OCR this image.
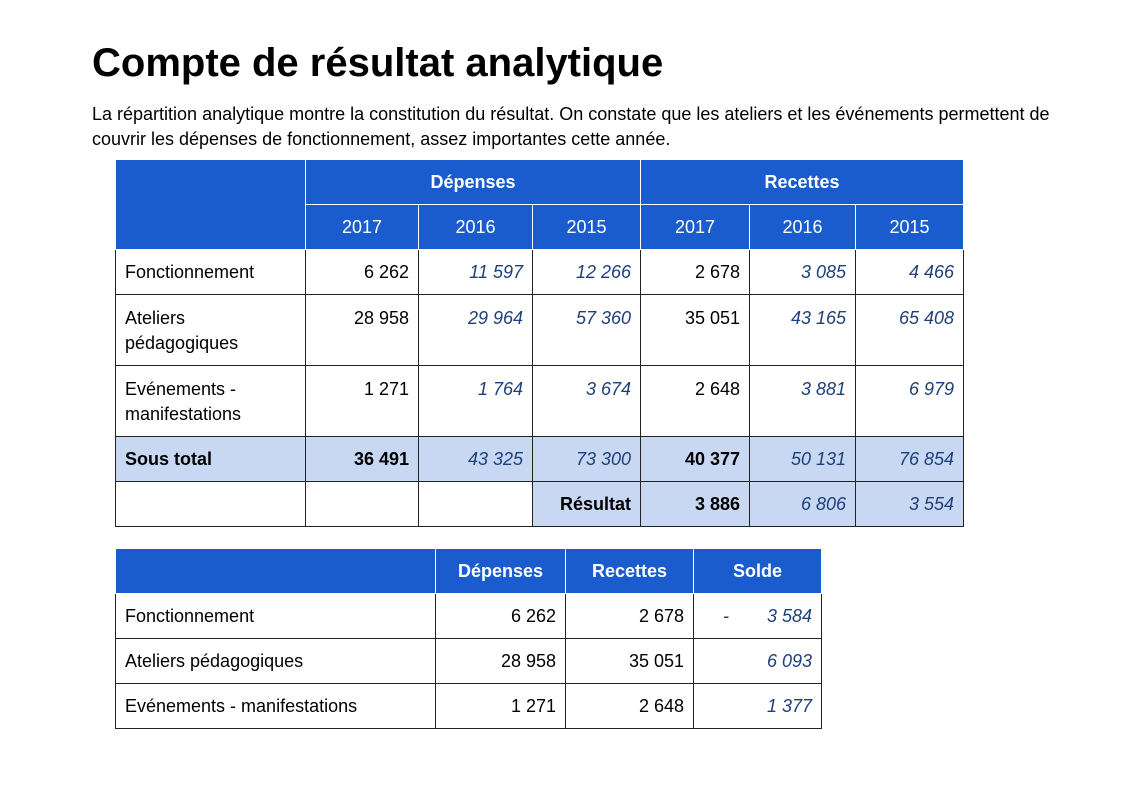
Compte de résultat analytique

La répartition analytique montre la constitution du résultat. On constate que les ateliers et les événements permettent de couvrir les dépenses de fonctionnement, assez importantes cette année.

	Dépenses			Recettes		
	2017	2016	2015	2017	2016	2015
Fonctionnement	6 262	11 597	12 266	2 678	3 085	4 466
Ateliers pédagogiques	28 958	29 964	57 360	35 051	43 165	65 408
Evénements - manifestations	1 271	1 764	3 674	2 648	3 881	6 979
Sous total	36 491	43 325	73 300	40 377	50 131	76 854
			Résultat	3 886	6 806	3 554
	Dépenses	Recettes	Solde
Fonctionnement	6 262	2 678	- 3 584
Ateliers pédagogiques	28 958	35 051	6 093
Evénements - manifestations	1 271	2 648	1 377
